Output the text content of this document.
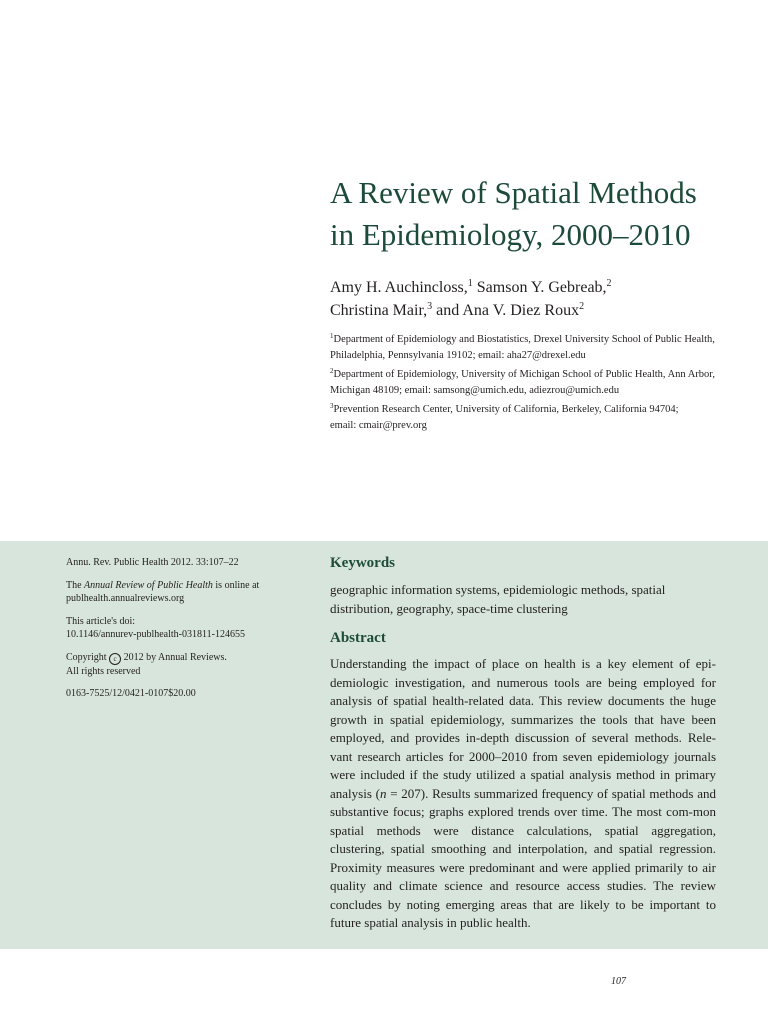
A Review of Spatial Methods
in Epidemiology, 2000–2010
Amy H. Auchincloss,$^1$ Samson Y. Gebreab,$^2$
Christina Mair,$^3$ and Ana V. Diez Roux$^2$

$^1$Department of Epidemiology and Biostatistics, Drexel University School of Public Health,
Philadelphia, Pennsylvania 19102; email: aha27@drexel.edu

$^2$Department of Epidemiology, University of Michigan School of Public Health, Ann Arbor,
Michigan 48109; email: samsong@umich.edu, adiezrou@umich.edu

$^3$Prevention Research Center, University of California, Berkeley, California 94704;
email: cmair@prev.org

Annu. Rev. Public Health 2012. 33:107–22

The Annual Review of Public Health is online at
publhealth.annualreviews.org

This article's doi:
10.1146/annurev-publhealth-031811-124655

Copyright c 2012 by Annual Reviews.
All rights reserved

0163-7525/12/0421-0107$20.00

Keywords
geographic information systems, epidemiologic methods, spatial distribution, geography, space-time clustering
Abstract
Understanding the impact of place on health is a key element of epi-demiologic investigation, and numerous tools are being employed for analysis of spatial health-related data. This review documents the huge growth in spatial epidemiology, summarizes the tools that have been employed, and provides in-depth discussion of several methods. Rele-vant research articles for 2000–2010 from seven epidemiology journals were included if the study utilized a spatial analysis method in primary analysis (n = 207). Results summarized frequency of spatial methods and substantive focus; graphs explored trends over time. The most com-mon spatial methods were distance calculations, spatial aggregation, clustering, spatial smoothing and interpolation, and spatial regression. Proximity measures were predominant and were applied primarily to air quality and climate science and resource access studies. The review concludes by noting emerging areas that are likely to be important to future spatial analysis in public health.
107
